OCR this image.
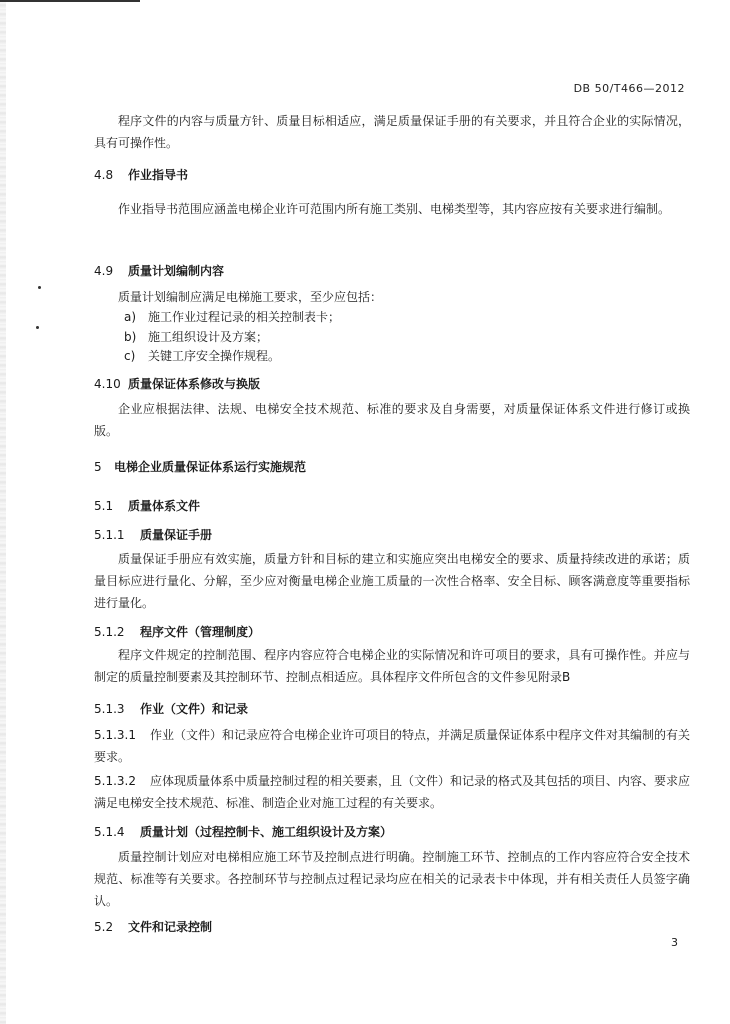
DB 50/T466—2012
程序文件的内容与质量方针、质量目标相适应，满足质量保证手册的有关要求，并且符合企业的实际情况，具有可操作性。
4.8 作业指导书
作业指导书范围应涵盖电梯企业许可范围内所有施工类别、电梯类型等，其内容应按有关要求进行编制。
4.9 质量计划编制内容
质量计划编制应满足电梯施工要求，至少应包括：
a) 施工作业过程记录的相关控制表卡；
b) 施工组织设计及方案；
c) 关键工序安全操作规程。
4.10 质量保证体系修改与换版
企业应根据法律、法规、电梯安全技术规范、标准的要求及自身需要，对质量保证体系文件进行修订或换版。
5 电梯企业质量保证体系运行实施规范
5.1 质量体系文件
5.1.1 质量保证手册
质量保证手册应有效实施，质量方针和目标的建立和实施应突出电梯安全的要求、质量持续改进的承诺；质量目标应进行量化、分解，至少应对衡量电梯企业施工质量的一次性合格率、安全目标、顾客满意度等重要指标进行量化。
5.1.2 程序文件（管理制度）
程序文件规定的控制范围、程序内容应符合电梯企业的实际情况和许可项目的要求，具有可操作性。并应与制定的质量控制要素及其控制环节、控制点相适应。具体程序文件所包含的文件参见附录B
5.1.3 作业（文件）和记录
5.1.3.1 作业（文件）和记录应符合电梯企业许可项目的特点，并满足质量保证体系中程序文件对其编制的有关要求。
5.1.3.2 应体现质量体系中质量控制过程的相关要素，且（文件）和记录的格式及其包括的项目、内容、要求应满足电梯安全技术规范、标准、制造企业对施工过程的有关要求。
5.1.4 质量计划（过程控制卡、施工组织设计及方案）
质量控制计划应对电梯相应施工环节及控制点进行明确。控制施工环节、控制点的工作内容应符合安全技术规范、标准等有关要求。各控制环节与控制点过程记录均应在相关的记录表卡中体现，并有相关责任人员签字确认。
5.2 文件和记录控制
3
